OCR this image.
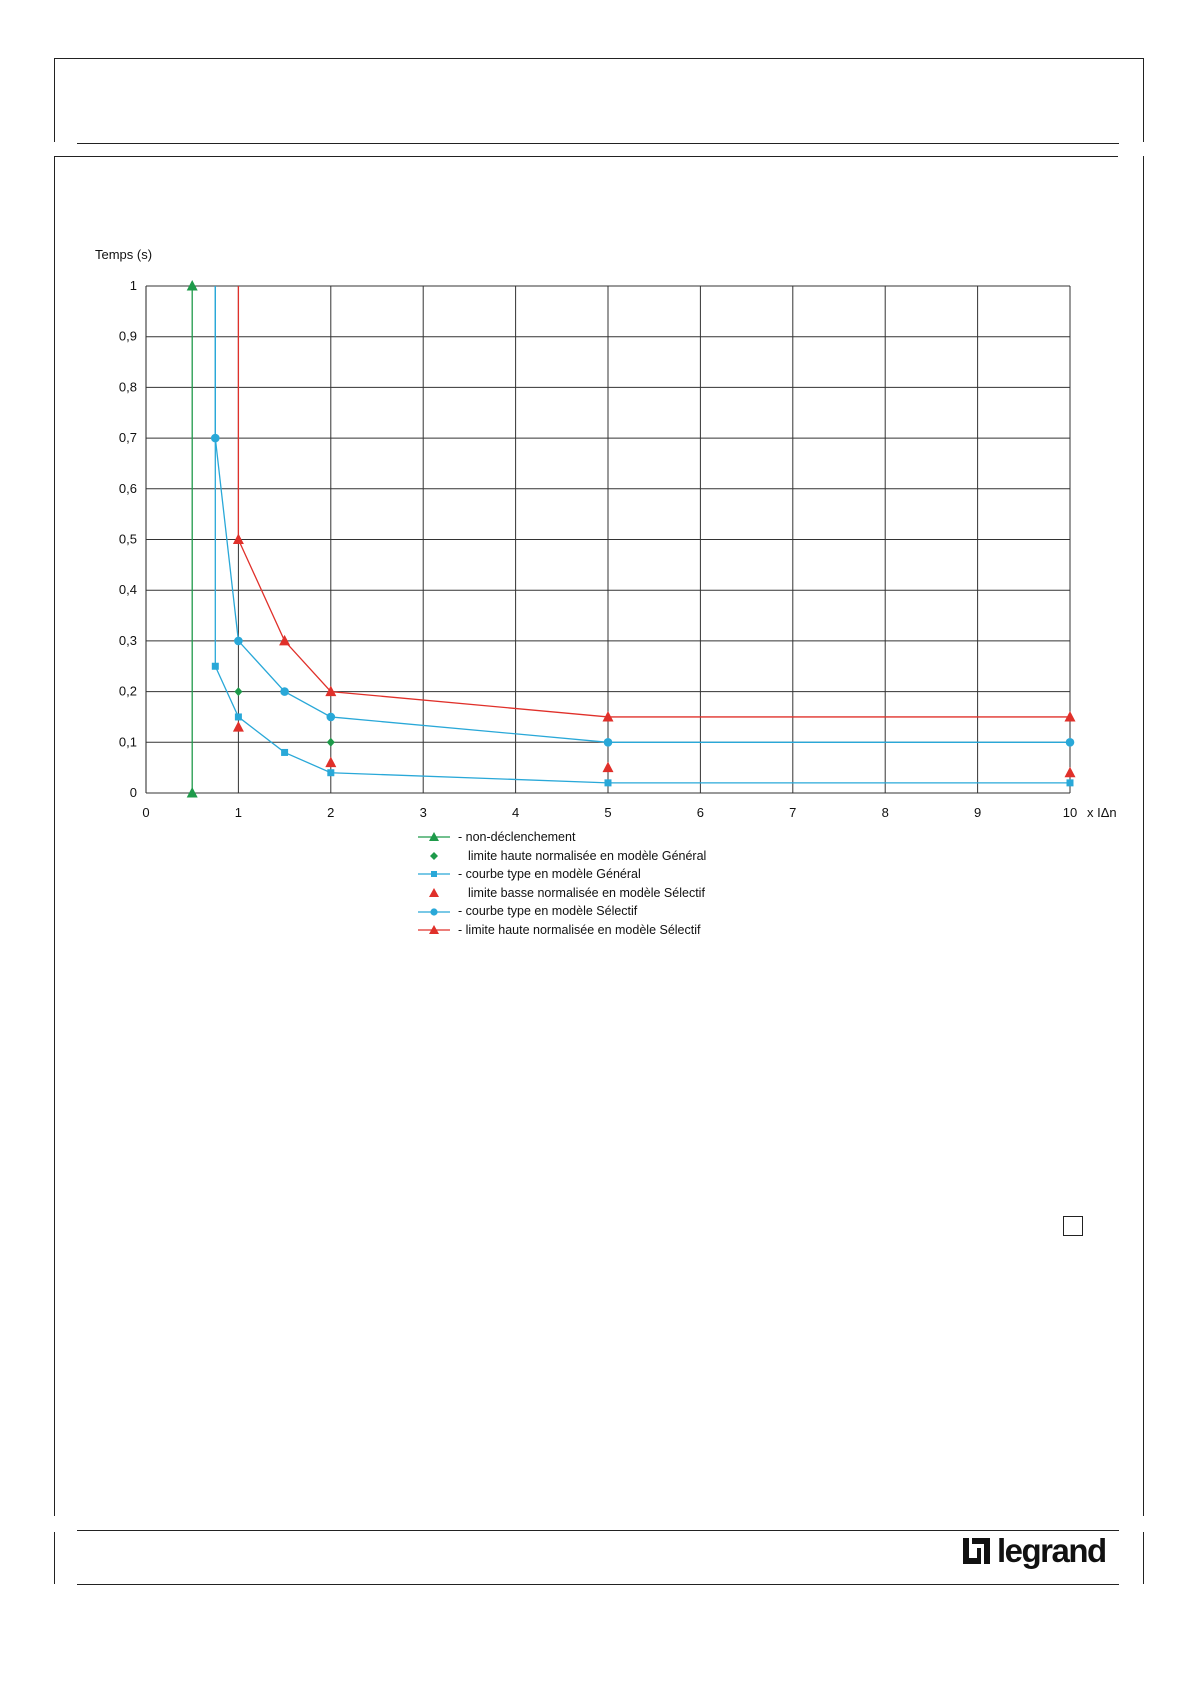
0	1	2	3	4	5	6	7	8	9	10
0
0,1
0,2
0,3
0,4
0,5
0,6
0,7
0,8
0,9
1
Temps (s)
x IΔn
- non-déclenchement
limite haute normalisée en modèle Général
- courbe type en modèle Général
limite basse normalisée en modèle Sélectif
- courbe type en modèle Sélectif
- limite haute normalisée en modèle Sélectif
legrand
